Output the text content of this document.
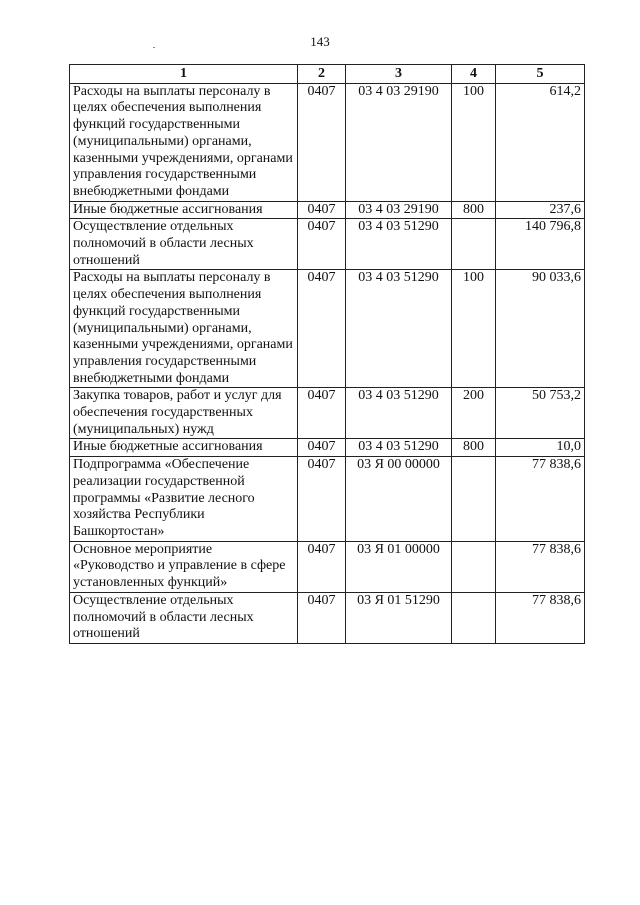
143
1	2	3	4	5
Расходы на выплаты персоналу в целях обеспечения выполнения функций государственными (муниципальными) органами, казенными учреждениями, органами управления государственными внебюджетными фондами	0407	03 4 03 29190	100	614,2
Иные бюджетные ассигнования	0407	03 4 03 29190	800	237,6
Осуществление отдельных полномочий в области лесных отношений	0407	03 4 03 51290		140 796,8
Расходы на выплаты персоналу в целях обеспечения выполнения функций государственными (муниципальными) органами, казенными учреждениями, органами управления государственными внебюджетными фондами	0407	03 4 03 51290	100	90 033,6
Закупка товаров, работ и услуг для обеспечения государственных (муниципальных) нужд	0407	03 4 03 51290	200	50 753,2
Иные бюджетные ассигнования	0407	03 4 03 51290	800	10,0
Подпрограмма «Обеспечение реализации государственной программы «Развитие лесного хозяйства Республики Башкортостан»	0407	03 Я 00 00000		77 838,6
Основное мероприятие «Руководство и управление в сфере установленных функций»	0407	03 Я 01 00000		77 838,6
Осуществление отдельных полномочий в области лесных отношений	0407	03 Я 01 51290		77 838,6
